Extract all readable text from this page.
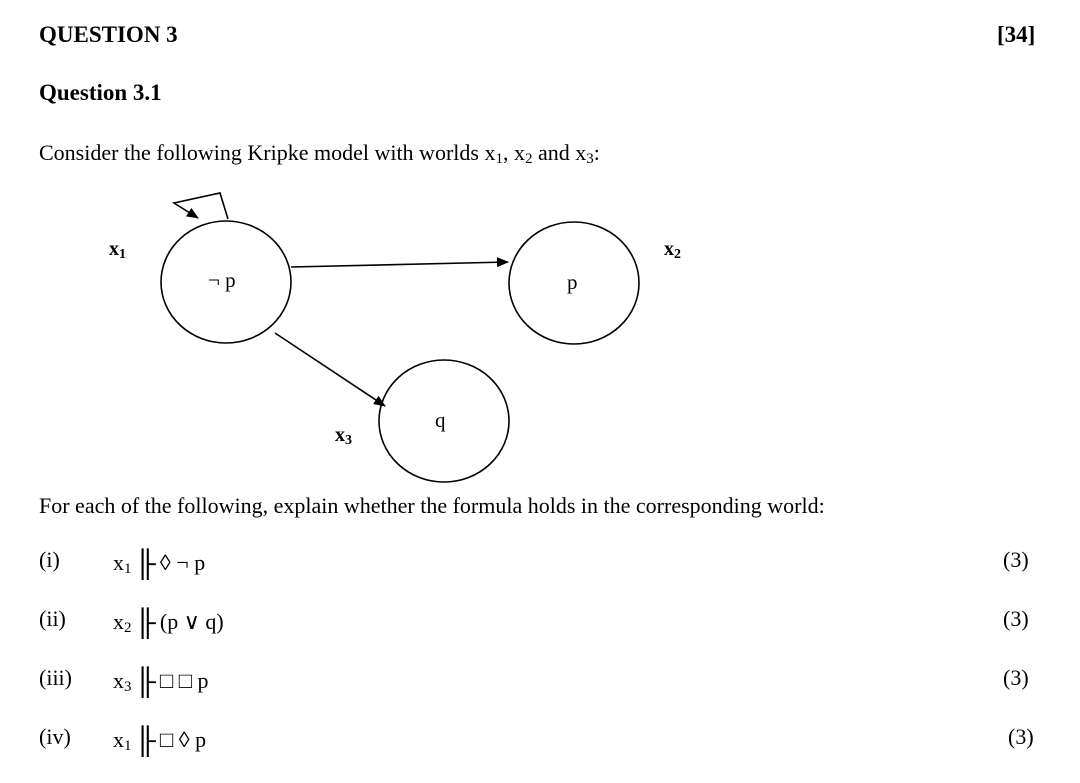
QUESTION 3	[34]
Question 3.1
Consider the following Kripke model with worlds $x_1$, $x_2$ and $x_3$:
$x_1$	$x_2$
$x_3$
¬ p	p
q
For each of the following, explain whether the formula holds in the corresponding world:
(i) $x_1$ ╟ ◊ ¬ p	(3)
(ii) $x_2$ ╟ (p ∨ q)	(3)
(iii) $x_3$ ╟ □ □ p	(3)
(iv) $x_1$ ╟ □ ◊ p	(3)
